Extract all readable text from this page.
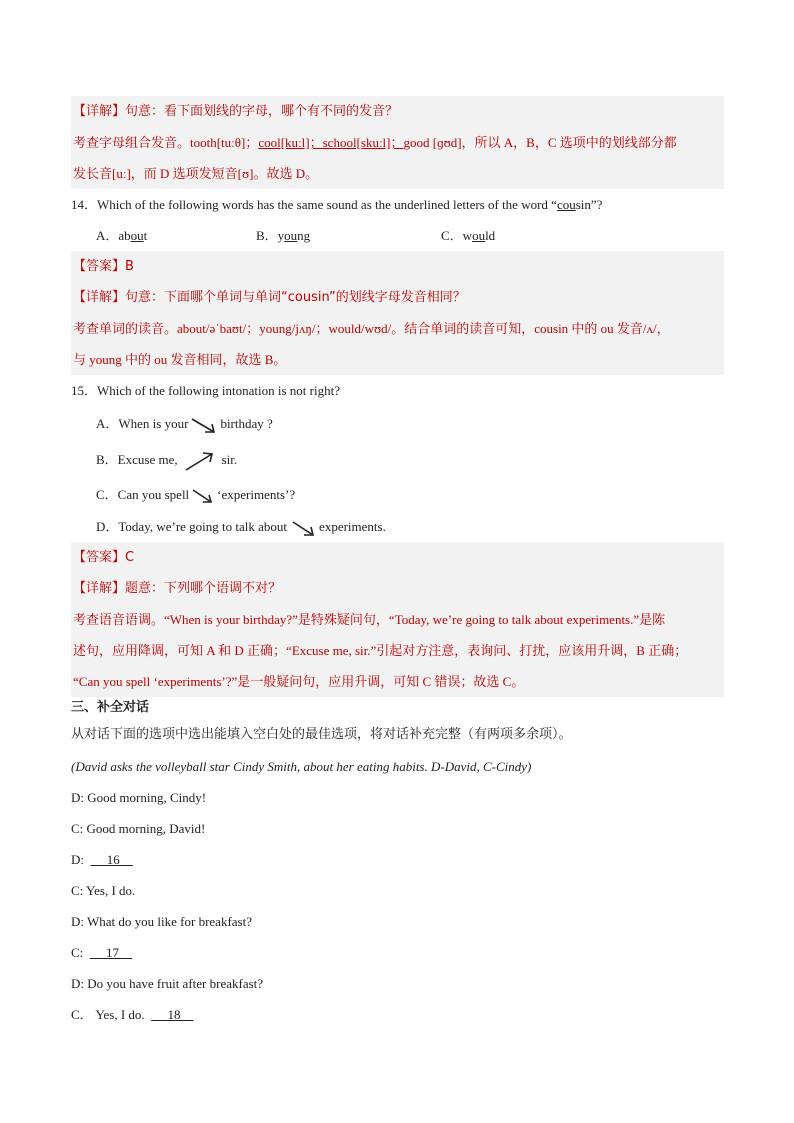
【详解】句意：看下面划线的字母，哪个有不同的发音？
考查字母组合发音。tooth[tuːθ]；cool[kuːl]；school[skuːl]；good [ɡʊd]，所以 A，B，C 选项中的划线部分都
发长音[uː]，而 D 选项发短音[ʊ]。故选 D。
14．Which of the following words has the same sound as the underlined letters of the word “cousin”?
A．about	B．young	C．would
【答案】B
【详解】句意：下面哪个单词与单词“cousin”的划线字母发音相同？
考查单词的读音。about/əˈbaʊt/；young/jʌŋ/；would/wʊd/。结合单词的读音可知，cousin 中的 ou 发音/ʌ/，
与 young 中的 ou 发音相同，故选 B。
15．Which of the following intonation is not right?
A．When is your birthday ?
B．Excuse me,	sir.
C．Can you spell ‘experiments’?
D．Today, we’re going to talk about experiments.
【答案】C
【详解】题意：下列哪个语调不对？
考查语音语调。“When is your birthday?”是特殊疑问句，“Today, we’re going to talk about experiments.”是陈
述句，应用降调，可知 A 和 D 正确；“Excuse me, sir.”引起对方注意，表询问、打扰，应该用升调，B 正确；
“Can you spell ‘experiments’?”是一般疑问句，应用升调，可知 C 错误；故选 C。
三、补全对话
从对话下面的选项中选出能填入空白处的最佳选项，将对话补充完整（有两项多余项）。
(David asks the volleyball star Cindy Smith, about her eating habits. D-David, C-Cindy)
D: Good morning, Cindy!
C: Good morning, David!
D: 16
C: Yes, I do.
D: What do you like for breakfast?
C: 17
D: Do you have fruit after breakfast?
C． Yes, I do. 18
